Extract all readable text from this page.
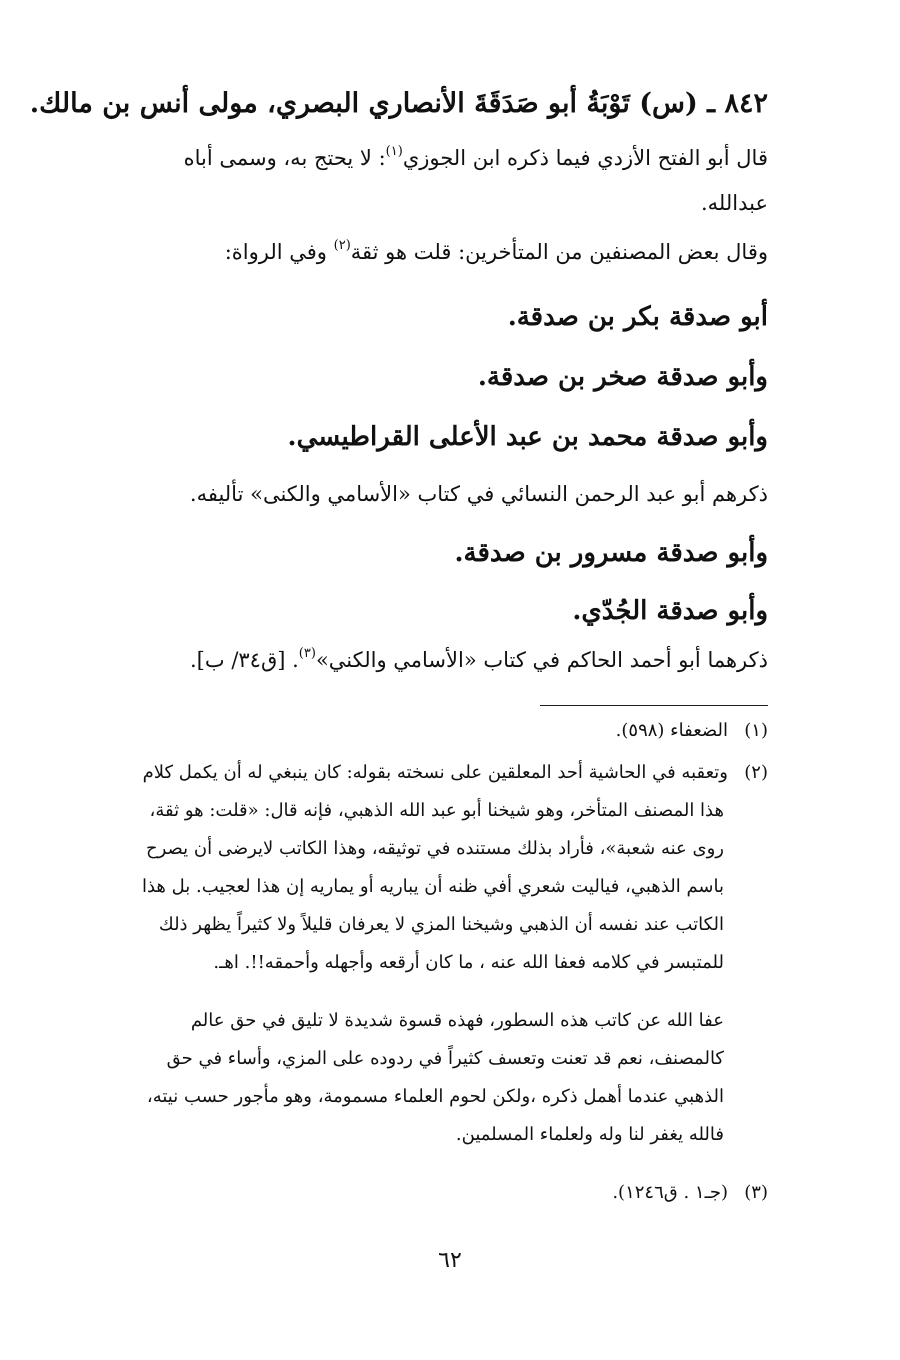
٨٤٢ ـ (س) تَوْبَةُ أبو صَدَقَةَ الأنصاري البصري، مولى أنس بن مالك.
قال أبو الفتح الأزدي فيما ذكره ابن الجوزي$^{(١)}$: لا يحتج به، وسمى أباه
عبدالله.
وقال بعض المصنفين من المتأخرين: قلت هو ثقة$^{(٢)}$ وفي الرواة:
أبو صدقة بكر بن صدقة.
وأبو صدقة صخر بن صدقة.
وأبو صدقة محمد بن عبد الأعلى القراطيسي.
ذكرهم أبو عبد الرحمن النسائي في كتاب «الأسامي والكنى» تأليفه.
وأبو صدقة مسرور بن صدقة.
وأبو صدقة الجُدّي.
ذكرهما أبو أحمد الحاكم في كتاب «الأسامي والكني»$^{(٣)}$. [ق٣٤/ ب].
(١)الضعفاء (٥٩٨).
(٢)وتعقبه في الحاشية أحد المعلقين على نسخته بقوله: كان ينبغي له أن يكمل كلام
هذا المصنف المتأخر، وهو شيخنا أبو عبد الله الذهبي، فإنه قال: «قلت: هو ثقة،
روى عنه شعبة»، فأراد بذلك مستنده في توثيقه، وهذا الكاتب لايرضى أن يصرح
باسم الذهبي، فياليت شعري أفي ظنه أن يباريه أو يماريه إن هذا لعجيب. بل هذا
الكاتب عند نفسه أن الذهبي وشيخنا المزي لا يعرفان قليلاً ولا كثيراً يظهر ذلك
للمتبسر في كلامه فعفا الله عنه ، ما كان أرقعه وأجهله وأحمقه!!. اهـ.
عفا الله عن كاتب هذه السطور، فهذه قسوة شديدة لا تليق في حق عالم
كالمصنف، نعم قد تعنت وتعسف كثيراً في ردوده على المزي، وأساء في حق
الذهبي عندما أهمل ذكره ،ولكن لحوم العلماء مسمومة، وهو مأجور حسب نيته،
فالله يغفر لنا وله ولعلماء المسلمين.
(٣)(جـ١ . ق١٢٤٦).
٦٢
